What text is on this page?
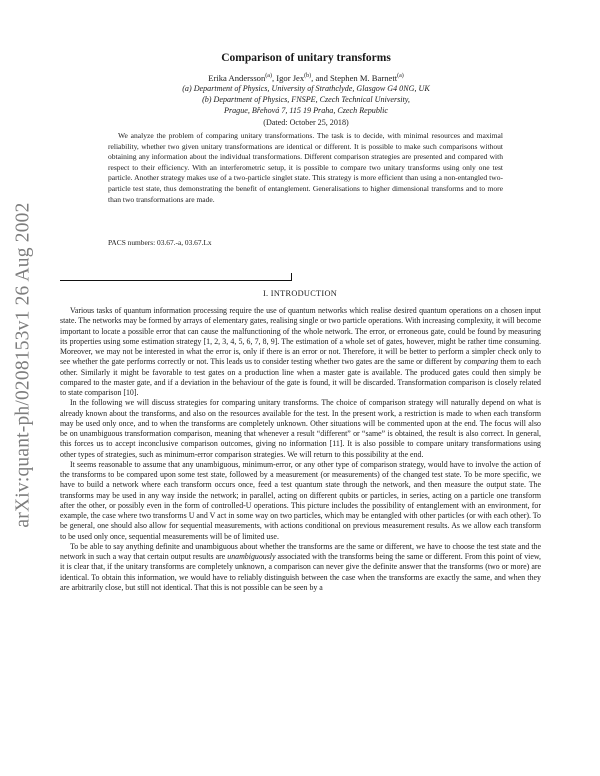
arXiv:quant-ph/0208153v1 26 Aug 2002
Comparison of unitary transforms
Erika Andersson$^{(a)}$, Igor Jex$^{(b)}$, and Stephen M. Barnett$^{(a)}$
(a) Department of Physics, University of Strathclyde, Glasgow G4 0NG, UK
(b) Department of Physics, FNSPE, Czech Technical University,
Prague, Břehová 7, 115 19 Praha, Czech Republic
(Dated: October 25, 2018)
We analyze the problem of comparing unitary transformations. The task is to decide, with minimal resources and maximal reliability, whether two given unitary transformations are identical or different. It is possible to make such comparisons without obtaining any information about the individual transformations. Different comparison strategies are presented and compared with respect to their efficiency. With an interferometric setup, it is possible to compare two unitary transforms using only one test particle. Another strategy makes use of a two-particle singlet state. This strategy is more efficient than using a non-entangled two-particle test state, thus demonstrating the benefit of entanglement. Generalisations to higher dimensional transforms and to more than two transformations are made.
PACS numbers: 03.67.-a, 03.67.Lx
I. INTRODUCTION

Various tasks of quantum information processing require the use of quantum networks which realise desired quantum operations on a chosen input state. The networks may be formed by arrays of elementary gates, realising single or two particle operations. With increasing complexity, it will become important to locate a possible error that can cause the malfunctioning of the whole network. The error, or erroneous gate, could be found by measuring its properties using some estimation strategy [1, 2, 3, 4, 5, 6, 7, 8, 9]. The estimation of a whole set of gates, however, might be rather time consuming. Moreover, we may not be interested in what the error is, only if there is an error or not. Therefore, it will be better to perform a simpler check only to see whether the gate performs correctly or not. This leads us to consider testing whether two gates are the same or different by comparing them to each other. Similarly it might be favorable to test gates on a production line when a master gate is available. The produced gates could then simply be compared to the master gate, and if a deviation in the behaviour of the gate is found, it will be discarded. Transformation comparison is closely related to state comparison [10].

In the following we will discuss strategies for comparing unitary transforms. The choice of comparison strategy will naturally depend on what is already known about the transforms, and also on the resources available for the test. In the present work, a restriction is made to when each transform may be used only once, and to when the transforms are completely unknown. Other situations will be commented upon at the end. The focus will also be on unambiguous transformation comparison, meaning that whenever a result “different” or “same” is obtained, the result is also correct. In general, this forces us to accept inconclusive comparison outcomes, giving no information [11]. It is also possible to compare unitary transformations using other types of strategies, such as minimum-error comparison strategies. We will return to this possibility at the end.

It seems reasonable to assume that any unambiguous, minimum-error, or any other type of comparison strategy, would have to involve the action of the transforms to be compared upon some test state, followed by a measurement (or measurements) of the changed test state. To be more specific, we have to build a network where each transform occurs once, feed a test quantum state through the network, and then measure the output state. The transforms may be used in any way inside the network; in parallel, acting on different qubits or particles, in series, acting on a particle one transform after the other, or possibly even in the form of controlled-U operations. This picture includes the possibility of entanglement with an environment, for example, the case where two transforms U and V act in some way on two particles, which may be entangled with other particles (or with each other). To be general, one should also allow for sequential measurements, with actions conditional on previous measurement results. As we allow each transform to be used only once, sequential measurements will be of limited use.

To be able to say anything definite and unambiguous about whether the transforms are the same or different, we have to choose the test state and the network in such a way that certain output results are unambiguously associated with the transforms being the same or different. From this point of view, it is clear that, if the unitary transforms are completely unknown, a comparison can never give the definite answer that the transforms (two or more) are identical. To obtain this information, we would have to reliably distinguish between the case when the transforms are exactly the same, and when they are arbitrarily close, but still not identical. That this is not possible can be seen by a
